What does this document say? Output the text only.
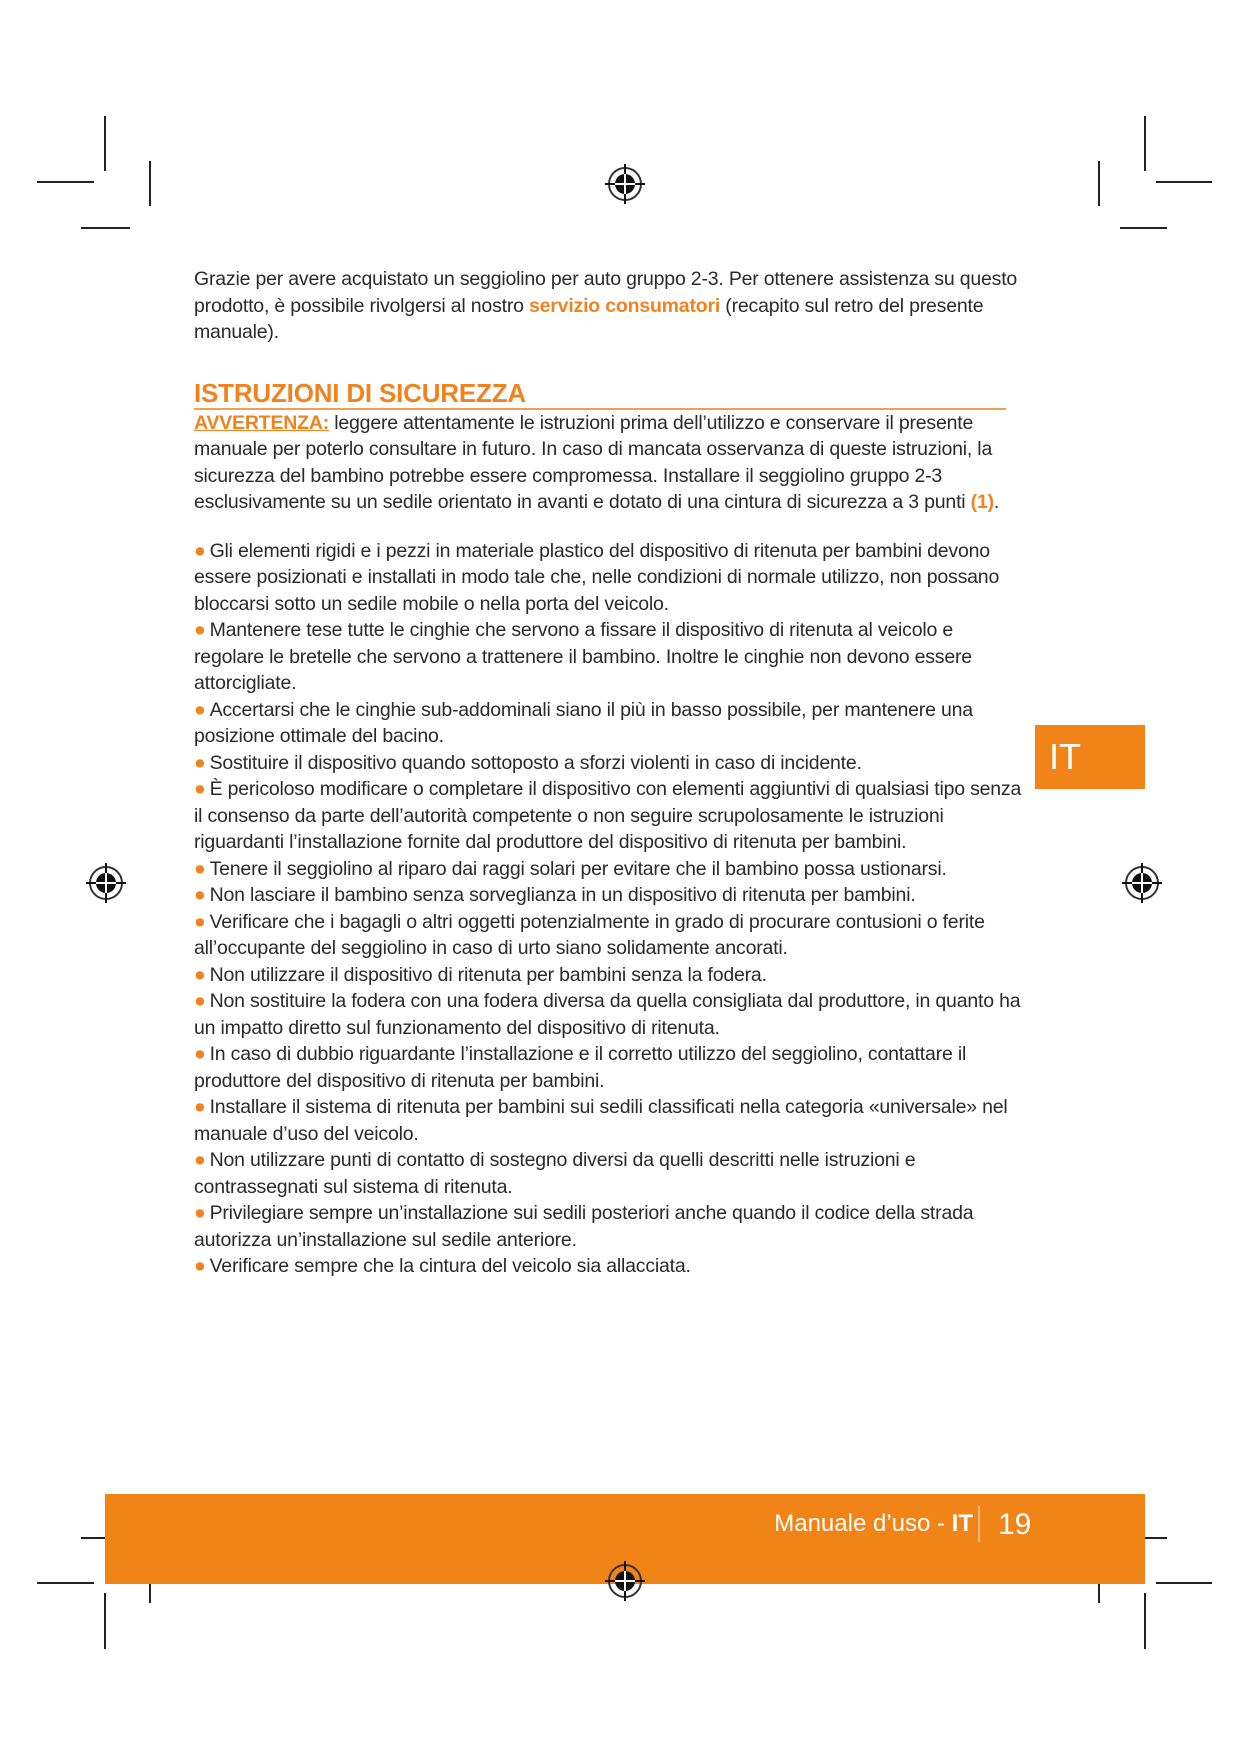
Manuale d’uso - IT 19
IT

Grazie per avere acquistato un seggiolino per auto gruppo 2-3. Per ottenere assistenza su questo prodotto, è possibile rivolgersi al nostro servizio consumatori (recapito sul retro del presente manuale).

ISTRUZIONI DI SICUREZZA

AVVERTENZA: leggere attentamente le istruzioni prima dell’utilizzo e conservare il presente manuale per poterlo consultare in futuro. In caso di mancata osservanza di queste istruzioni, la sicurezza del bambino potrebbe essere compromessa. Installare il seggiolino gruppo 2-3 esclusivamente su un sedile orientato in avanti e dotato di una cintura di sicurezza a 3 punti (1).

● Gli elementi rigidi e i pezzi in materiale plastico del dispositivo di ritenuta per bambini devono essere posizionati e installati in modo tale che, nelle condizioni di normale utilizzo, non possano bloccarsi sotto un sedile mobile o nella porta del veicolo.
● Mantenere tese tutte le cinghie che servono a fissare il dispositivo di ritenuta al veicolo e regolare le bretelle che servono a trattenere il bambino. Inoltre le cinghie non devono essere attorcigliate.
● Accertarsi che le cinghie sub-addominali siano il più in basso possibile, per mantenere una posizione ottimale del bacino.
● Sostituire il dispositivo quando sottoposto a sforzi violenti in caso di incidente.
● È pericoloso modificare o completare il dispositivo con elementi aggiuntivi di qualsiasi tipo senza il consenso da parte dell’autorità competente o non seguire scrupolosamente le istruzioni riguardanti l’installazione fornite dal produttore del dispositivo di ritenuta per bambini.
● Tenere il seggiolino al riparo dai raggi solari per evitare che il bambino possa ustionarsi.
● Non lasciare il bambino senza sorveglianza in un dispositivo di ritenuta per bambini.
● Verificare che i bagagli o altri oggetti potenzialmente in grado di procurare contusioni o ferite all’occupante del seggiolino in caso di urto siano solidamente ancorati.
● Non utilizzare il dispositivo di ritenuta per bambini senza la fodera.
● Non sostituire la fodera con una fodera diversa da quella consigliata dal produttore, in quanto ha un impatto diretto sul funzionamento del dispositivo di ritenuta.
● In caso di dubbio riguardante l’installazione e il corretto utilizzo del seggiolino, contattare il produttore del dispositivo di ritenuta per bambini.
● Installare il sistema di ritenuta per bambini sui sedili classificati nella categoria «universale» nel manuale d’uso del veicolo.
● Non utilizzare punti di contatto di sostegno diversi da quelli descritti nelle istruzioni e contrassegnati sul sistema di ritenuta.
● Privilegiare sempre un’installazione sui sedili posteriori anche quando il codice della strada autorizza un’installazione sul sedile anteriore.
● Verificare sempre che la cintura del veicolo sia allacciata.
